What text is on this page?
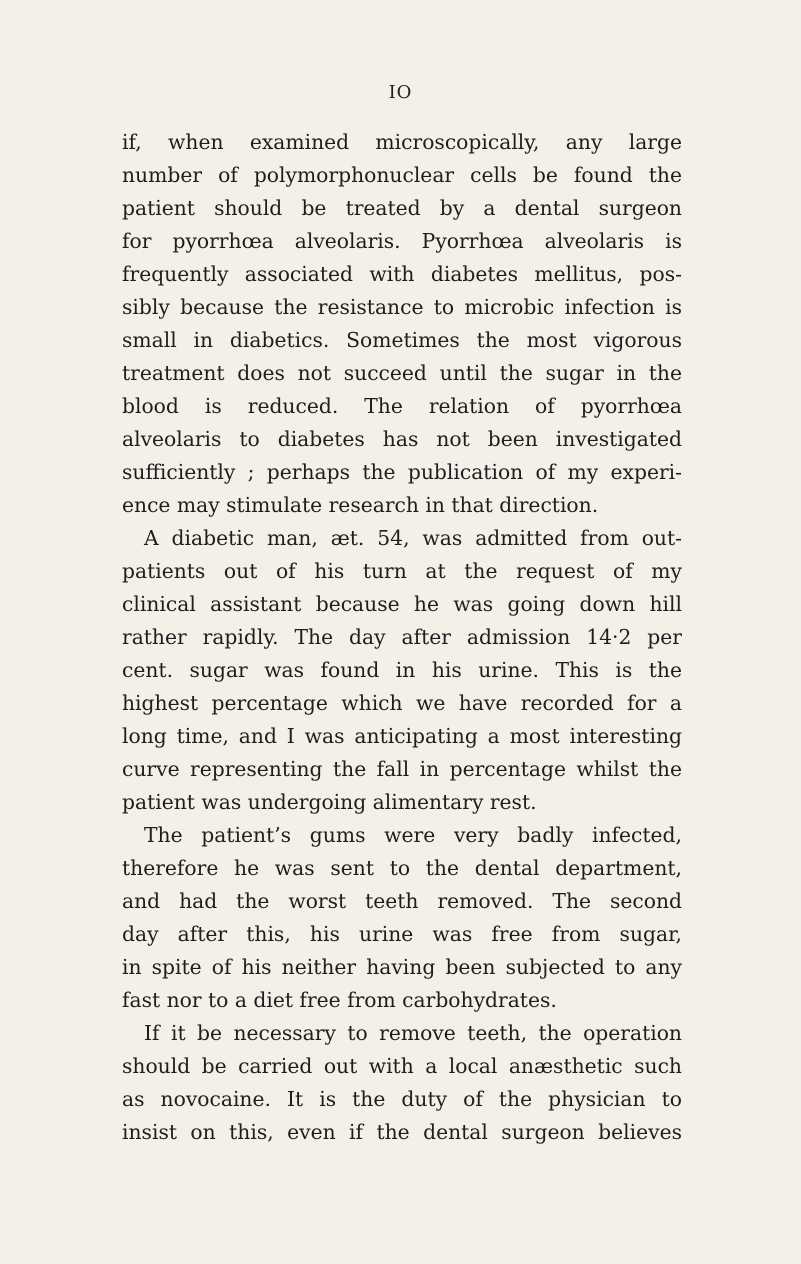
IO
if, when examined microscopically, any large
number of polymorphonuclear cells be found the
patient should be treated by a dental surgeon
for pyorrhœa alveolaris. Pyorrhœa alveolaris is
frequently associated with diabetes mellitus, pos-
sibly because the resistance to microbic infection is
small in diabetics. Sometimes the most vigorous
treatment does not succeed until the sugar in the
blood is reduced. The relation of pyorrhœa
alveolaris to diabetes has not been investigated
sufficiently ; perhaps the publication of my experi-
ence may stimulate research in that direction.
A diabetic man, æt. 54, was admitted from out-
patients out of his turn at the request of my
clinical assistant because he was going down hill
rather rapidly. The day after admission 14·2 per
cent. sugar was found in his urine. This is the
highest percentage which we have recorded for a
long time, and I was anticipating a most interesting
curve representing the fall in percentage whilst the
patient was undergoing alimentary rest.
The patient’s gums were very badly infected,
therefore he was sent to the dental department,
and had the worst teeth removed. The second
day after this, his urine was free from sugar,
in spite of his neither having been subjected to any
fast nor to a diet free from carbohydrates.
If it be necessary to remove teeth, the operation
should be carried out with a local anæsthetic such
as novocaine. It is the duty of the physician to
insist on this, even if the dental surgeon believes
